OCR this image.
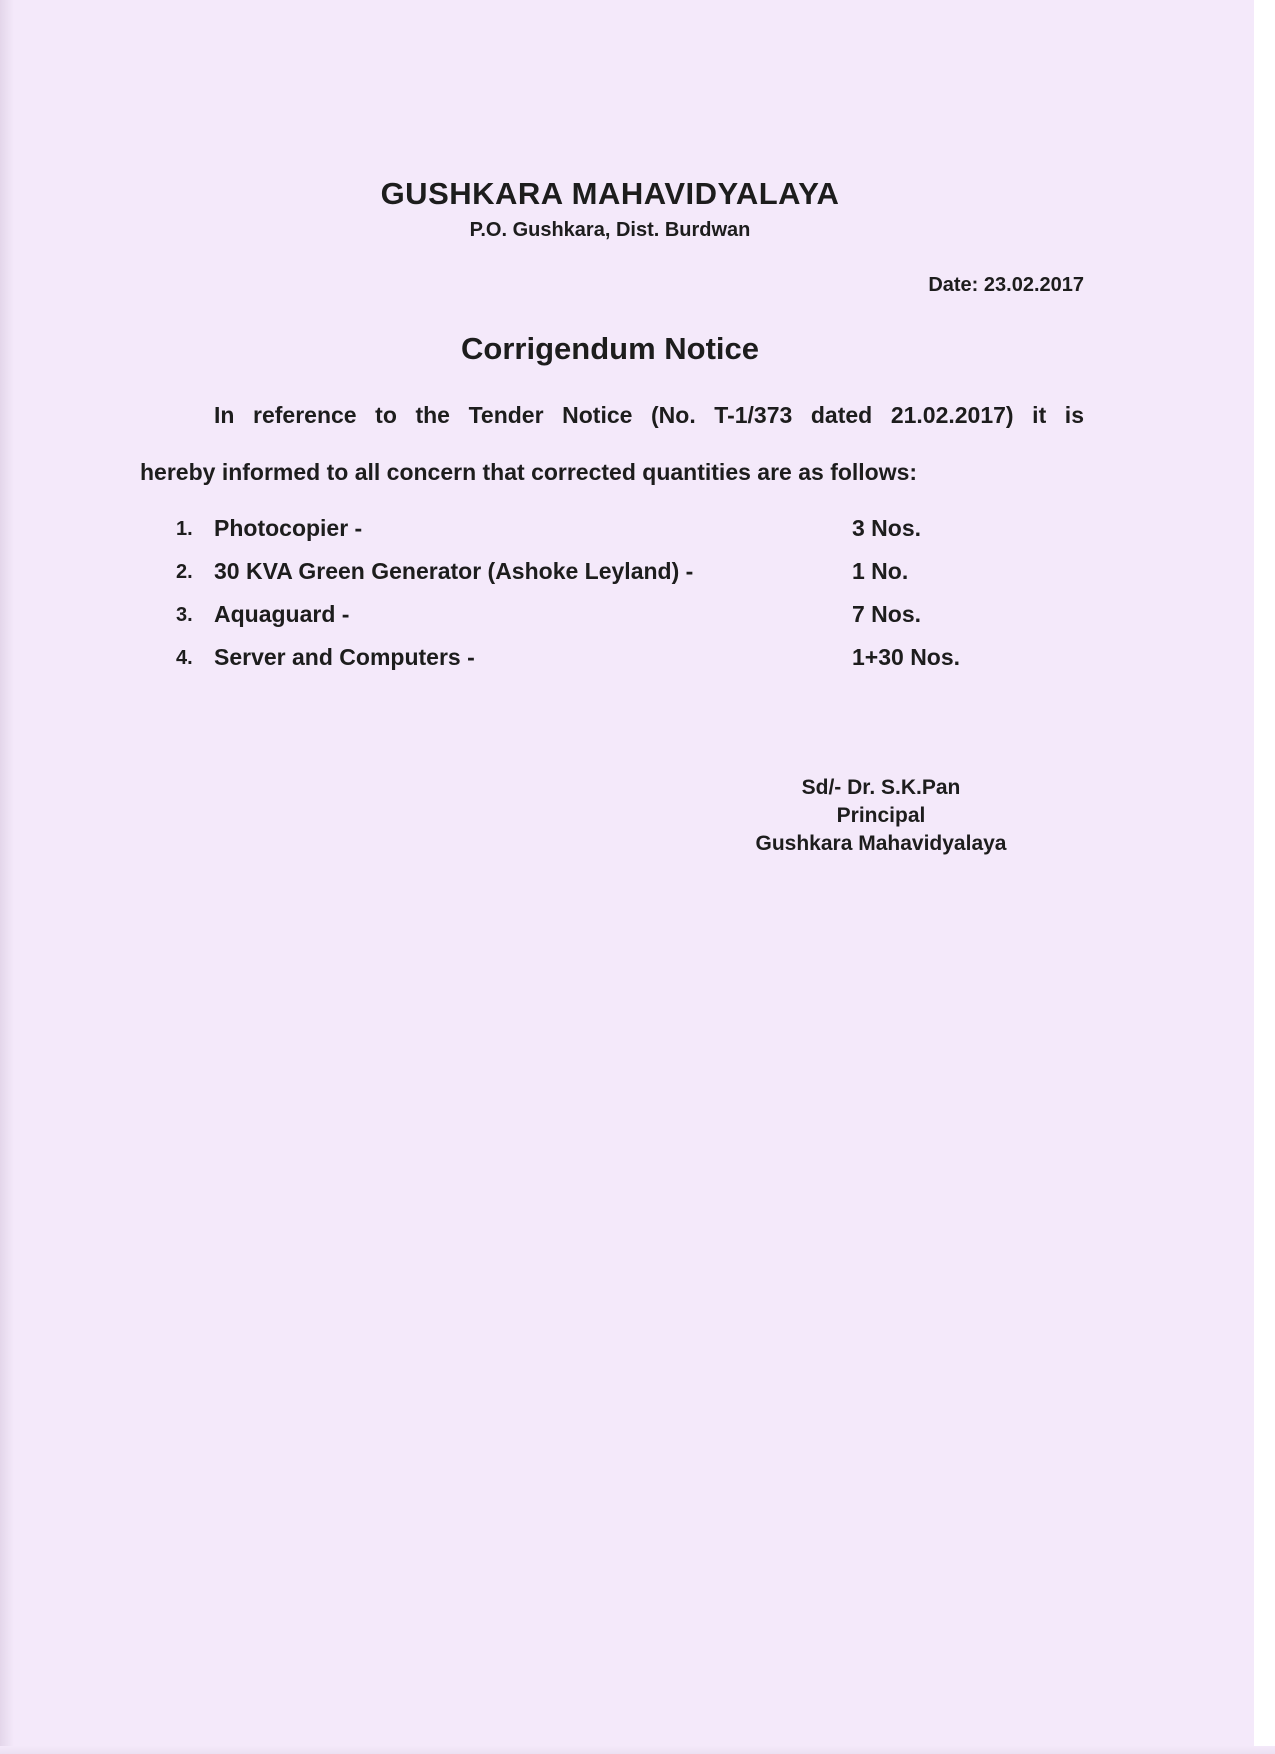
GUSHKARA MAHAVIDYALAYA
P.O. Gushkara, Dist. Burdwan
Date: 23.02.2017
Corrigendum Notice
In reference to the Tender Notice (No. T-1/373 dated 21.02.2017) it is
hereby informed to all concern that corrected quantities are as follows:
1. Photocopier -	3 Nos.
2. 30 KVA Green Generator (Ashoke Leyland) -	1 No.
3. Aquaguard -	7 Nos.
4. Server and Computers -	1+30 Nos.
Sd/- Dr. S.K.Pan
Principal
Gushkara Mahavidyalaya
